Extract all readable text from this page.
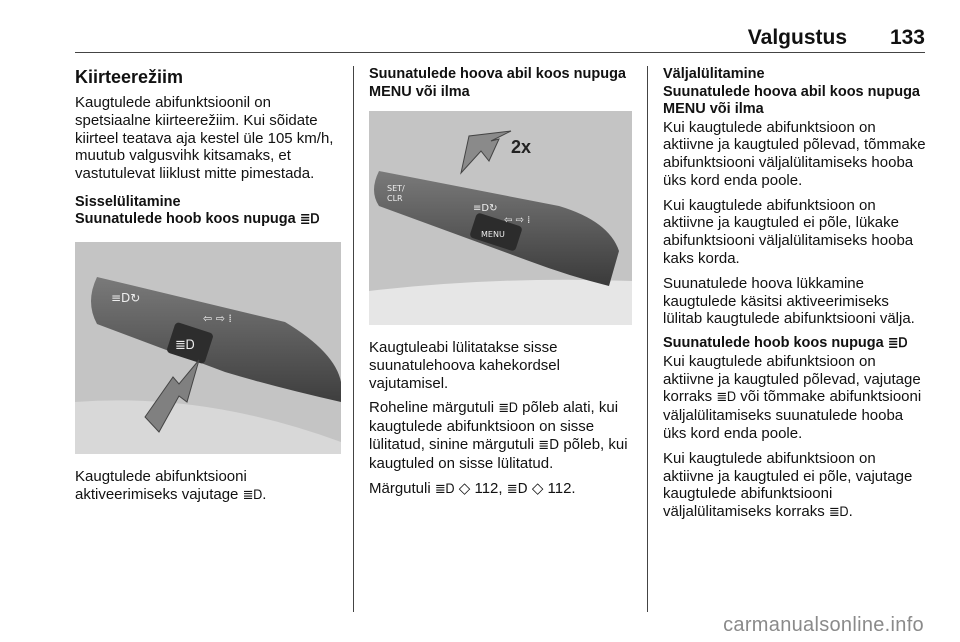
Valgustus 133
Kiirteerežiim

Kaugtulede abifunktsioonil on spetsiaalne kiirteerežiim. Kui sõidate kiirteel teatava aja kestel üle 105 km/h, muutub valgusvihk kitsamaks, et vastutulevat liiklust mitte pimestada.

Sisselülitamine
Suunatulede hoob koos nupuga ≣Ꭰ
≡D↻
⇦ ⇨ ⁞
≣Ꭰ

Kaugtulede abifunktsiooni aktiveerimiseks vajutage ≣Ꭰ.

Suunatulede hoova abil koos nupuga MENU või ilma
SET/
CLR
MENU
≡D↻
⇦ ⇨ ⁞
2x

Kaugtuleabi lülitatakse sisse suunatulehoova kahekordsel vajutamisel.

Roheline märgutuli ≣Ꭰ põleb alati, kui kaugtulede abifunktsioon on sisse lülitatud, sinine märgutuli ≣D põleb, kui kaugtuled on sisse lülitatud.

Märgutuli ≣Ꭰ ◇ 112, ≣D ◇ 112.

Väljalülitamine
Suunatulede hoova abil koos nupuga MENU või ilma

Kui kaugtulede abifunktsioon on aktiivne ja kaugtuled põlevad, tõmmake abifunktsiooni väljalülitamiseks hooba üks kord enda poole.

Kui kaugtulede abifunktsioon on aktiivne ja kaugtuled ei põle, lükake abifunktsiooni väljalülitamiseks hooba kaks korda.

Suunatulede hoova lükkamine kaugtulede käsitsi aktiveerimiseks lülitab kaugtulede abifunktsiooni välja.

Suunatulede hoob koos nupuga ≣Ꭰ

Kui kaugtulede abifunktsioon on aktiivne ja kaugtuled põlevad, vajutage korraks ≣Ꭰ või tõmmake abifunktsiooni väljalülitamiseks suunatulede hooba üks kord enda poole.

Kui kaugtulede abifunktsioon on aktiivne ja kaugtuled ei põle, vajutage kaugtulede abifunktsiooni väljalülitamiseks korraks ≣Ꭰ.

carmanualsonline.info
